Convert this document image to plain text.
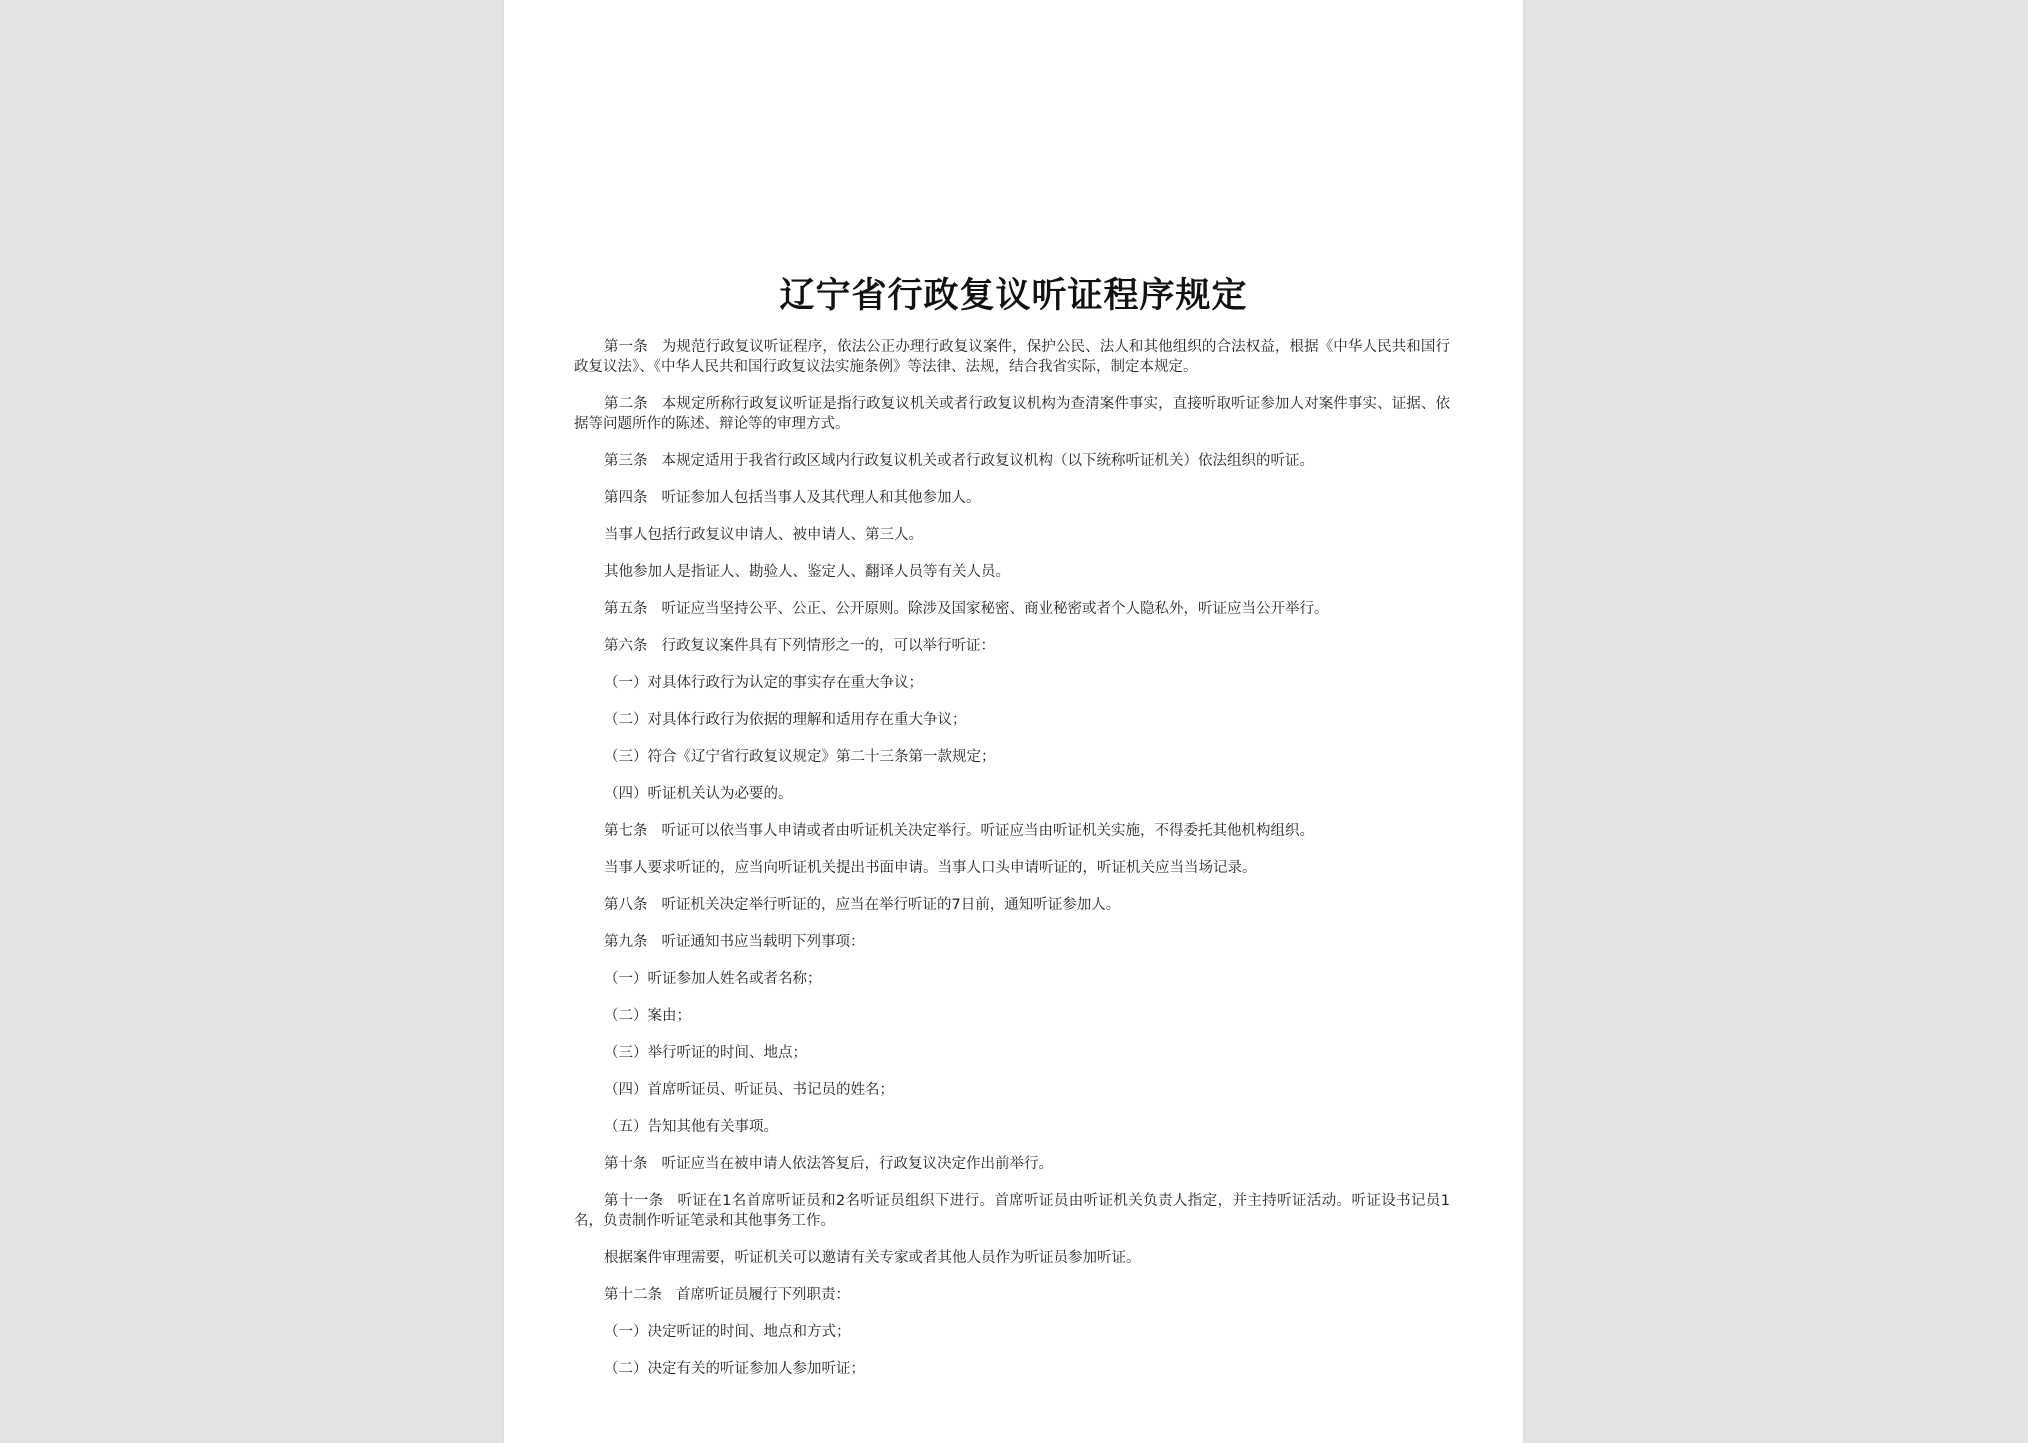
辽宁省行政复议听证程序规定

第一条 为规范行政复议听证程序，依法公正办理行政复议案件，保护公民、法人和其他组织的合法权益，根据《中华人民共和国行政复议法》、《中华人民共和国行政复议法实施条例》等法律、法规，结合我省实际，制定本规定。

第二条 本规定所称行政复议听证是指行政复议机关或者行政复议机构为查清案件事实，直接听取听证参加人对案件事实、证据、依据等问题所作的陈述、辩论等的审理方式。

第三条 本规定适用于我省行政区域内行政复议机关或者行政复议机构（以下统称听证机关）依法组织的听证。

第四条 听证参加人包括当事人及其代理人和其他参加人。

当事人包括行政复议申请人、被申请人、第三人。

其他参加人是指证人、勘验人、鉴定人、翻译人员等有关人员。

第五条 听证应当坚持公平、公正、公开原则。除涉及国家秘密、商业秘密或者个人隐私外，听证应当公开举行。

第六条 行政复议案件具有下列情形之一的，可以举行听证：

（一）对具体行政行为认定的事实存在重大争议；

（二）对具体行政行为依据的理解和适用存在重大争议；

（三）符合《辽宁省行政复议规定》第二十三条第一款规定；

（四）听证机关认为必要的。

第七条 听证可以依当事人申请或者由听证机关决定举行。听证应当由听证机关实施，不得委托其他机构组织。

当事人要求听证的，应当向听证机关提出书面申请。当事人口头申请听证的，听证机关应当当场记录。

第八条 听证机关决定举行听证的，应当在举行听证的7日前，通知听证参加人。

第九条 听证通知书应当载明下列事项：

（一）听证参加人姓名或者名称；

（二）案由；

（三）举行听证的时间、地点；

（四）首席听证员、听证员、书记员的姓名；

（五）告知其他有关事项。

第十条 听证应当在被申请人依法答复后，行政复议决定作出前举行。

第十一条 听证在1名首席听证员和2名听证员组织下进行。首席听证员由听证机关负责人指定，并主持听证活动。听证设书记员1名，负责制作听证笔录和其他事务工作。

根据案件审理需要，听证机关可以邀请有关专家或者其他人员作为听证员参加听证。

第十二条 首席听证员履行下列职责：

（一）决定听证的时间、地点和方式；

（二）决定有关的听证参加人参加听证；
